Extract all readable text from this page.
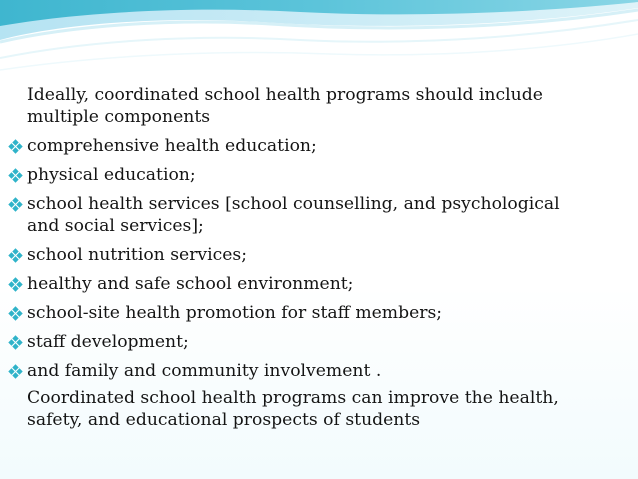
Ideally, coordinated school health programs should include

multiple components

comprehensive health education;

physical education;

school health services [school counselling, and psychological

and social services];

school nutrition services;

healthy and safe school environment;

school-site health promotion for staff members;

staff development;

and family and community involvement .

Coordinated school health programs can improve the health,

safety, and educational prospects of students
